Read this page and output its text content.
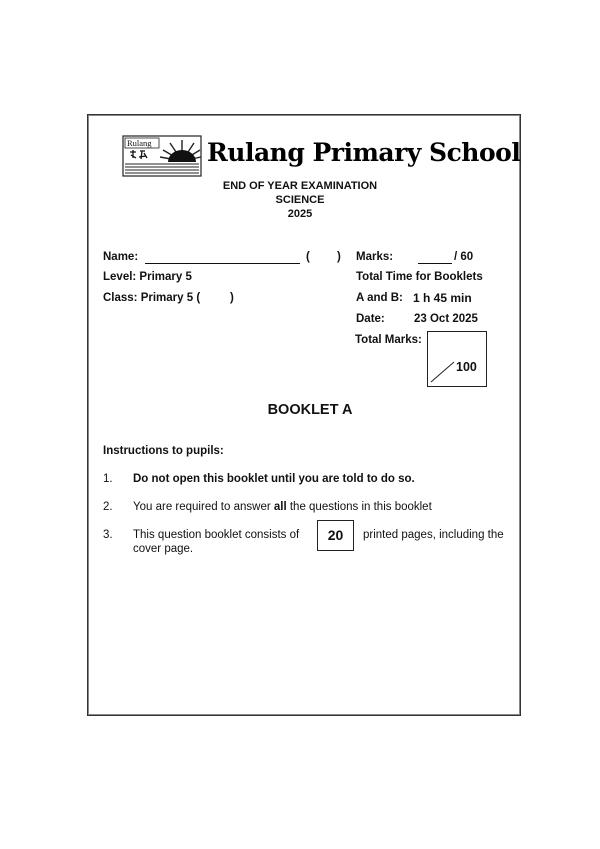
Rulang Rulang Primary School
END OF YEAR EXAMINATION
SCIENCE
2025
Name:	( )
Level: Primary 5
Class: Primary 5 (	)
Marks:	/ 60
Total Time for Booklets
A and B: 1 h 45 min
Date:	23 Oct 2025
Total Marks:
100
BOOKLET A
Instructions to pupils:
1. Do not open this booklet until you are told to do so.
2. You are required to answer all the questions in this booklet
3. This question booklet consists of	20	printed pages, including the
cover page.
